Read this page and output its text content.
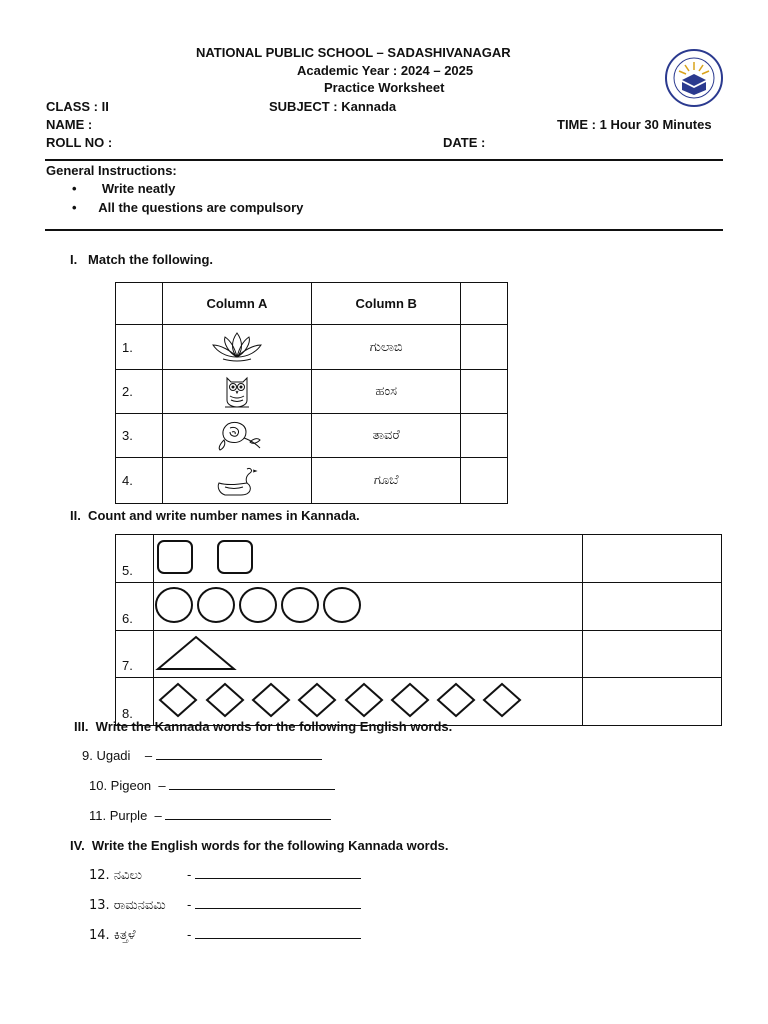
NATIONAL PUBLIC SCHOOL – SADASHIVANAGAR
Academic Year : 2024 – 2025
Practice Worksheet
CLASS : II	SUBJECT : Kannada
NAME :	TIME : 1 Hour 30 Minutes
ROLL NO :	DATE :
General Instructions:
•       Write neatly
•      All the questions are compulsory
I.   Match the following.
	Column A	Column B	
1.		ಗುಲಾಬಿ	
2.		ಹಂಸ	
3.		ತಾವರೆ	
4.		ಗೂಬೆ	
II.  Count and write number names in Kannada.
5.		
6.		
7.		
8.		
III.  Write the Kannada words for the following English words.
9. Ugadi –
10. Pigeon –
11. Purple –
IV.  Write the English words for the following Kannada words.
12. ನವಿಲು	-
13. ರಾಮನವಮಿ -
14. ಕಿತ್ತಳೆ	-
